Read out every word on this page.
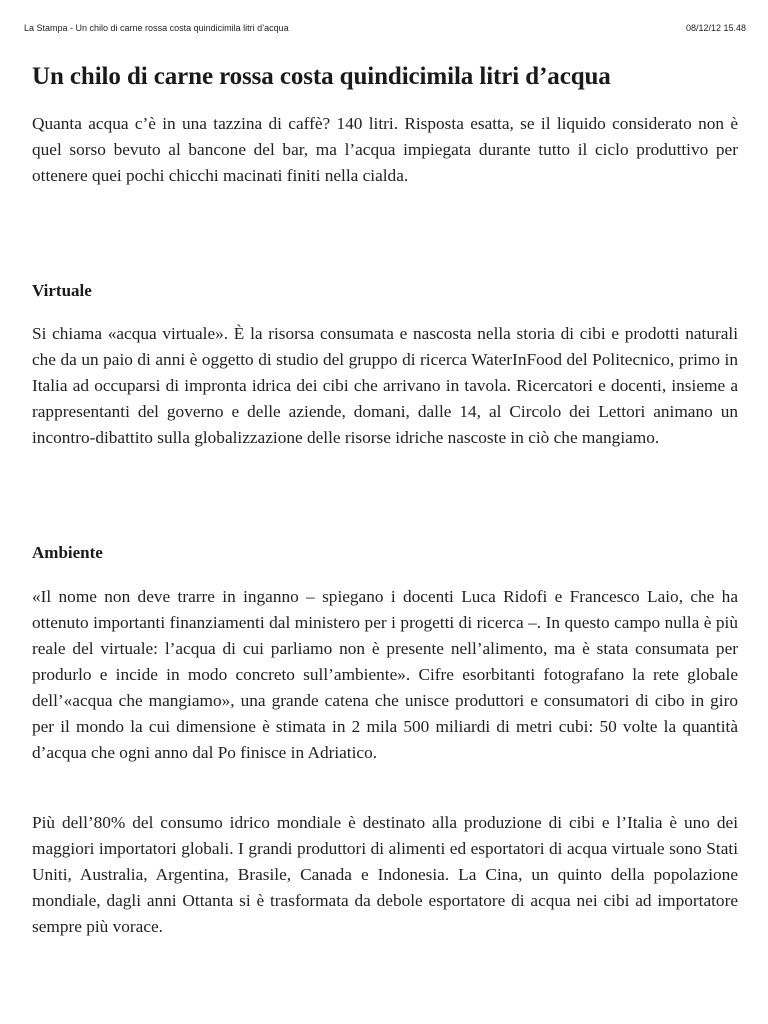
La Stampa - Un chilo di carne rossa costa quindicimila litri d’acqua	08/12/12 15.48
Un chilo di carne rossa costa quindicimila litri d’acqua

Quanta acqua c’è in una tazzina di caffè? 140 litri. Risposta esatta, se il liquido considerato non è quel sorso bevuto al bancone del bar, ma l’acqua impiegata durante tutto il ciclo produttivo per ottenere quei pochi chicchi macinati finiti nella cialda.

Virtuale

Si chiama «acqua virtuale». È la risorsa consumata e nascosta nella storia di cibi e prodotti naturali che da un paio di anni è oggetto di studio del gruppo di ricerca WaterInFood del Politecnico, primo in Italia ad occuparsi di impronta idrica dei cibi che arrivano in tavola. Ricercatori e docenti, insieme a rappresentanti del governo e delle aziende, domani, dalle 14, al Circolo dei Lettori animano un incontro-dibattito sulla globalizzazione delle risorse idriche nascoste in ciò che mangiamo.

Ambiente

«Il nome non deve trarre in inganno – spiegano i docenti Luca Ridofi e Francesco Laio, che ha ottenuto importanti finanziamenti dal ministero per i progetti di ricerca –. In questo campo nulla è più reale del virtuale: l’acqua di cui parliamo non è presente nell’alimento, ma è stata consumata per produrlo e incide in modo concreto sull’ambiente». Cifre esorbitanti fotografano la rete globale dell’«acqua che mangiamo», una grande catena che unisce produttori e consumatori di cibo in giro per il mondo la cui dimensione è stimata in 2 mila 500 miliardi di metri cubi: 50 volte la quantità d’acqua che ogni anno dal Po finisce in Adriatico.

Più dell’80% del consumo idrico mondiale è destinato alla produzione di cibi e l’Italia è uno dei maggiori importatori globali. I grandi produttori di alimenti ed esportatori di acqua virtuale sono Stati Uniti, Australia, Argentina, Brasile, Canada e Indonesia. La Cina, un quinto della popolazione mondiale, dagli anni Ottanta si è trasformata da debole esportatore di acqua nei cibi ad importatore sempre più vorace.
